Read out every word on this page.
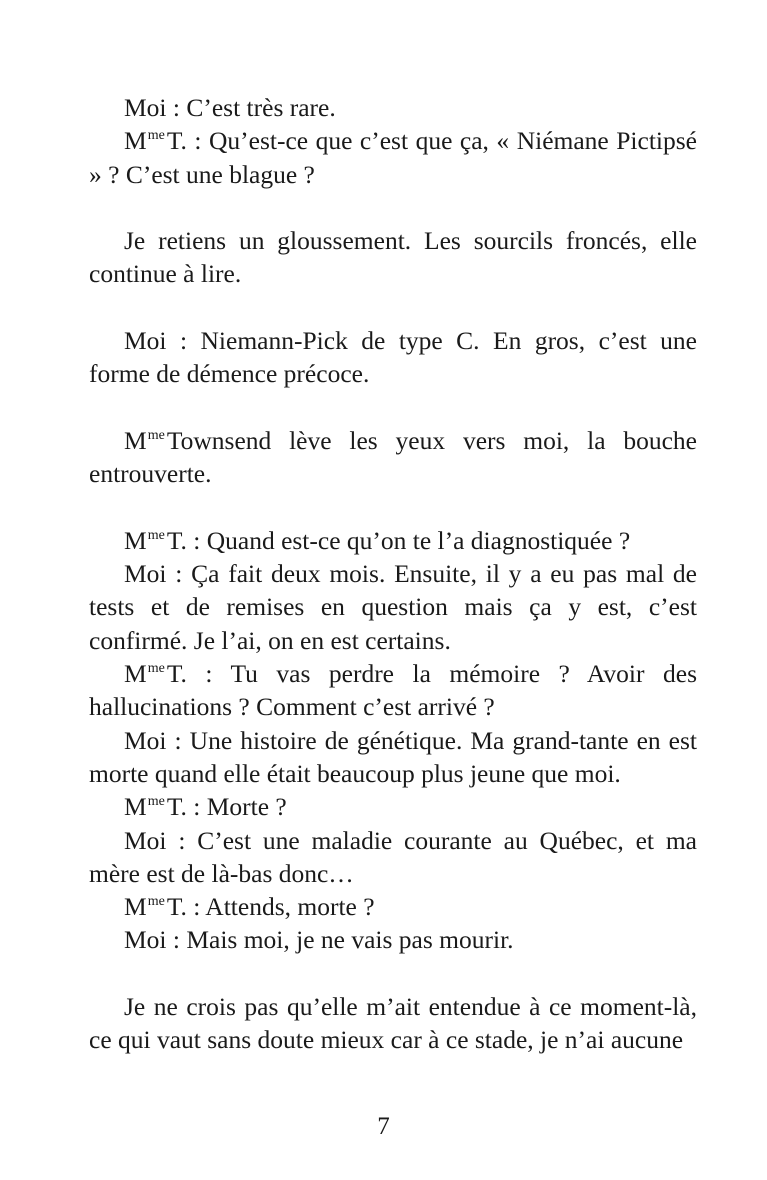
Moi : C’est très rare.

$M^{me}T$. : Qu’est-ce que c’est que ça, « Niémane Pictipsé » ? C’est une blague ?

Je retiens un gloussement. Les sourcils froncés, elle continue à lire.

Moi : Niemann-Pick de type C. En gros, c’est une forme de démence précoce.

$M^{me}Townsend$ lève les yeux vers moi, la bouche entrouverte.

$M^{me}T$. : Quand est-ce qu’on te l’a diagnostiquée ?

Moi : Ça fait deux mois. Ensuite, il y a eu pas mal de tests et de remises en question mais ça y est, c’est confirmé. Je l’ai, on en est certains.

$M^{me}T$. : Tu vas perdre la mémoire ? Avoir des hallucinations ? Comment c’est arrivé ?

Moi : Une histoire de génétique. Ma grand-tante en est morte quand elle était beaucoup plus jeune que moi.

$M^{me}T$. : Morte ?

Moi : C’est une maladie courante au Québec, et ma mère est de là-bas donc…

$M^{me}T$. : Attends, morte ?

Moi : Mais moi, je ne vais pas mourir.

Je ne crois pas qu’elle m’ait entendue à ce moment-là, ce qui vaut sans doute mieux car à ce stade, je n’ai aucune

7
